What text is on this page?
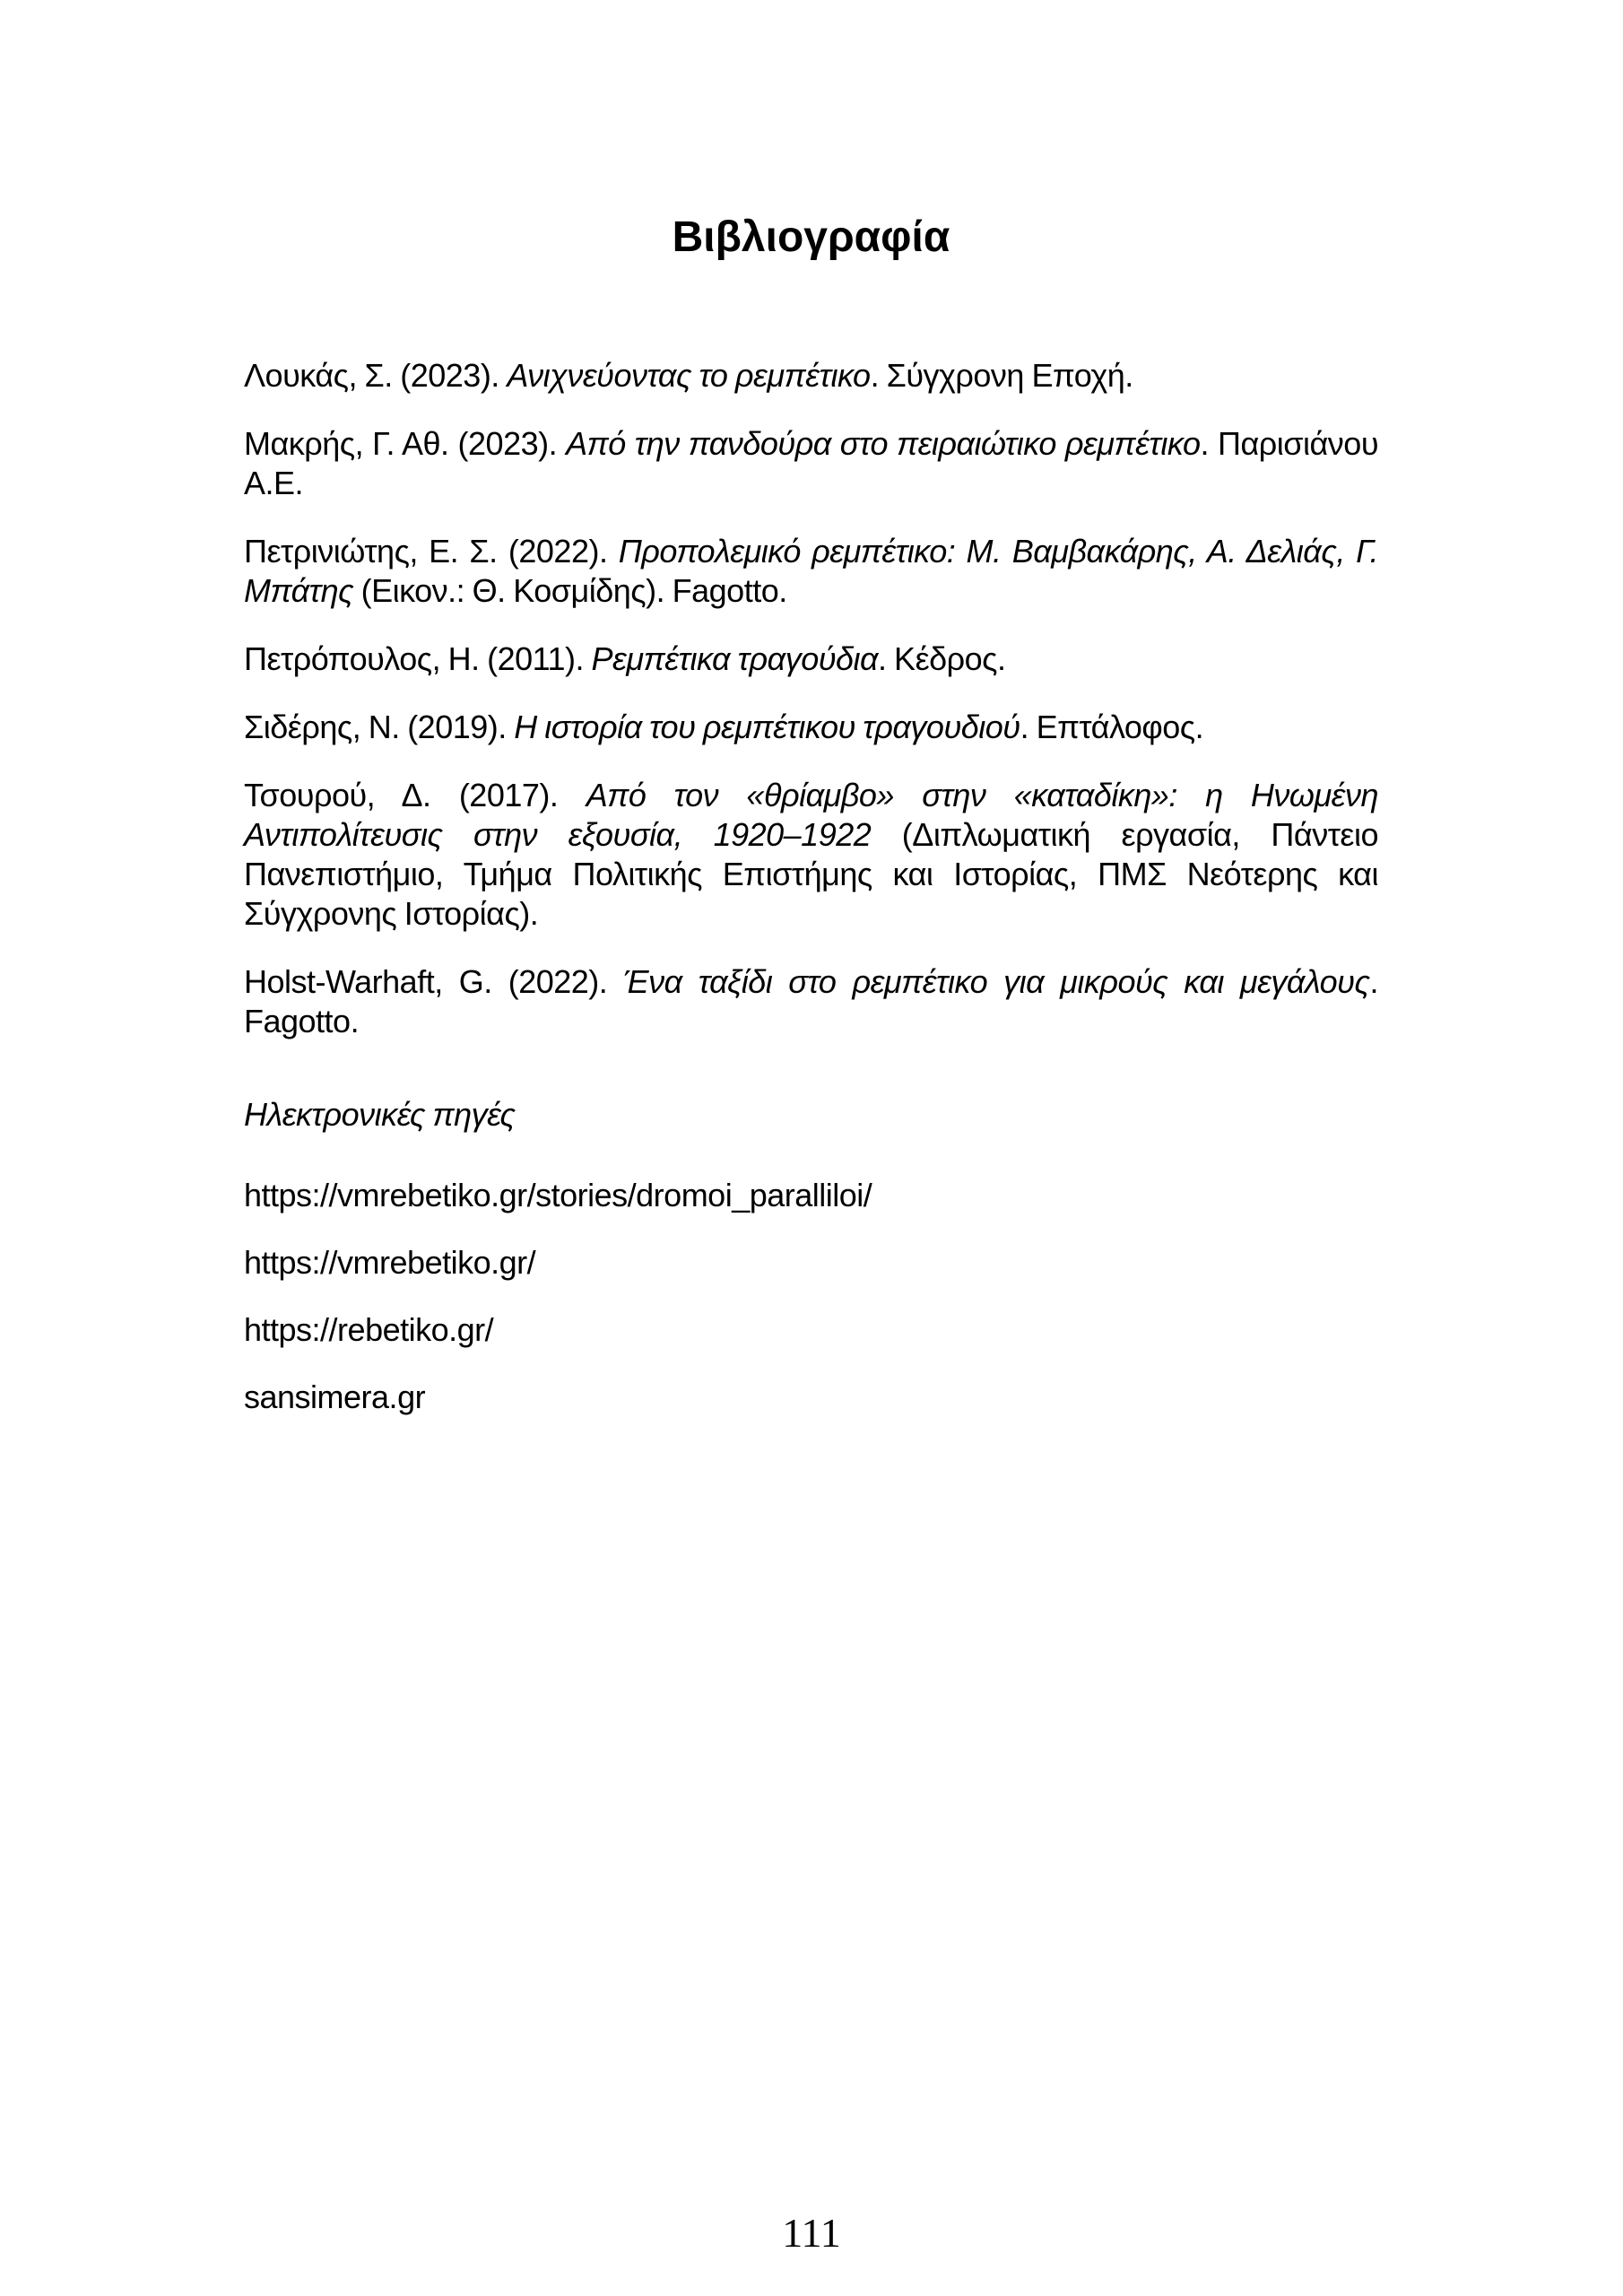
Βιβλιογραφία

Λουκάς, Σ. (2023). Ανιχνεύοντας το ρεμπέτικο. Σύγχρονη Εποχή.

Μακρής, Γ. Αθ. (2023). Από την πανδούρα στο πειραιώτικο ρεμπέτικο. Παρισιάνου Α.Ε.

Πετρινιώτης, Ε. Σ. (2022). Προπολεμικό ρεμπέτικο: Μ. Βαμβακάρης, Α. Δελιάς, Γ. Μπάτης (Εικον.: Θ. Κοσμίδης). Fagotto.

Πετρόπουλος, Η. (2011). Ρεμπέτικα τραγούδια. Κέδρος.

Σιδέρης, Ν. (2019). Η ιστορία του ρεμπέτικου τραγουδιού. Επτάλοφος.

Τσουρού, Δ. (2017). Από τον «θρίαμβο» στην «καταδίκη»: η Ηνωμένη Αντιπολίτευσις στην εξουσία, 1920–1922 (Διπλωματική εργασία, Πάντειο Πανεπιστήμιο, Τμήμα Πολιτικής Επιστήμης και Ιστορίας, ΠΜΣ Νεότερης και Σύγχρονης Ιστορίας).

Holst-Warhaft, G. (2022). Ένα ταξίδι στο ρεμπέτικο για μικρούς και μεγάλους. Fagotto.

Ηλεκτρονικές πηγές

https://vmrebetiko.gr/stories/dromoi_paralliloi/

https://vmrebetiko.gr/

https://rebetiko.gr/

sansimera.gr

111
